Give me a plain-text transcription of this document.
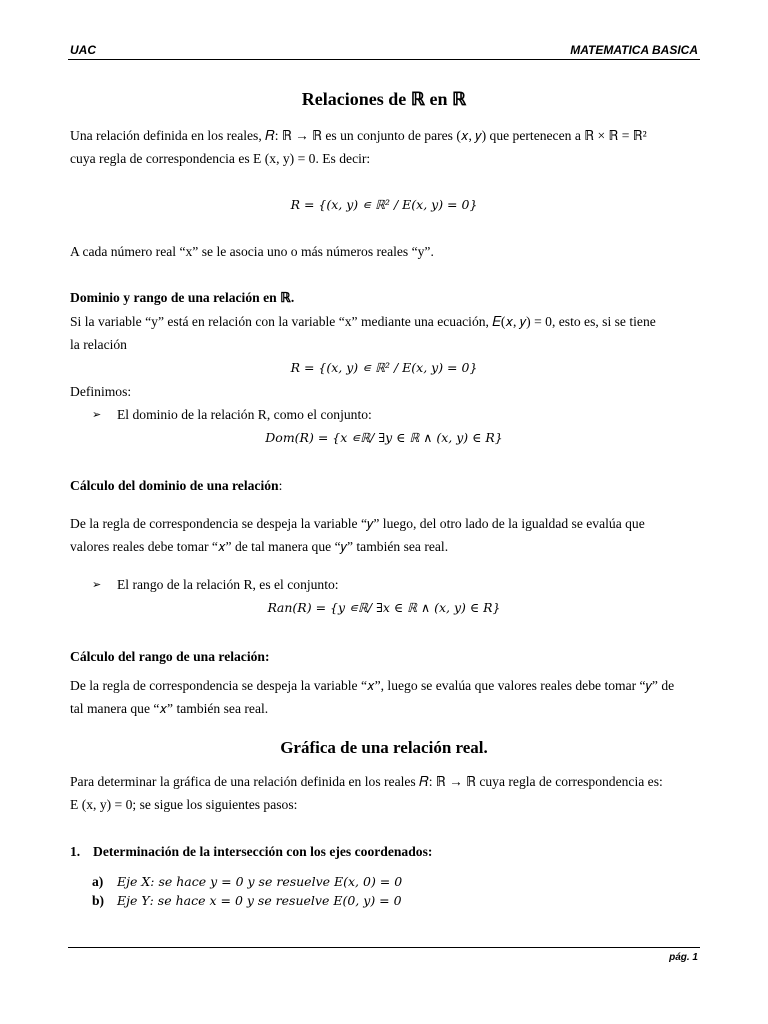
UAC	MATEMATICA BASICA
Relaciones de ℝ en ℝ
Una relación definida en los reales, 𝑅: ℝ → ℝ es un conjunto de pares (𝑥, 𝑦) que pertenecen a ℝ × ℝ = ℝ²
cuya regla de correspondencia es E (x, y) = 0. Es decir:
𝑅 = {(𝑥, 𝑦) ∊ ℝ² / 𝐸(𝑥, 𝑦) = 0}
A cada número real “x” se le asocia uno o más números reales “y”.
Dominio y rango de una relación en ℝ.
Si la variable “y” está en relación con la variable “x” mediante una ecuación, 𝐸(𝑥, 𝑦) = 0, esto es, si se tiene
la relación
𝑅 = {(𝑥, 𝑦) ∊ ℝ² / 𝐸(𝑥, 𝑦) = 0}
Definimos:
➢ El dominio de la relación R, como el conjunto:
𝐷𝑜𝑚(𝑅) = {𝑥 ∊ℝ/ ∃𝑦 ∈ ℝ ∧ (𝑥, 𝑦) ∈ 𝑅}
Cálculo del dominio de una relación:
De la regla de correspondencia se despeja la variable “𝑦” luego, del otro lado de la igualdad se evalúa que
valores reales debe tomar “𝑥” de tal manera que “𝑦” también sea real.
➢ El rango de la relación R, es el conjunto:
𝑅𝑎𝑛(𝑅) = {𝑦 ∊ℝ/ ∃𝑥 ∈ ℝ ∧ (𝑥, 𝑦) ∈ 𝑅}
Cálculo del rango de una relación:
De la regla de correspondencia se despeja la variable “𝑥”, luego se evalúa que valores reales debe tomar “𝑦” de
tal manera que “𝑥” también sea real.
Gráfica de una relación real.
Para determinar la gráfica de una relación definida en los reales 𝑅: ℝ → ℝ cuya regla de correspondencia es:
E (x, y) = 0; se sigue los siguientes pasos:
1. Determinación de la intersección con los ejes coordenados:
a) 𝐸𝑗𝑒 𝑋: 𝑠𝑒 ℎ𝑎𝑐𝑒 𝑦 = 0 𝑦 𝑠𝑒 𝑟𝑒𝑠𝑢𝑒𝑙𝑣𝑒 𝐸(𝑥, 0) = 0
b) 𝐸𝑗𝑒 𝑌: 𝑠𝑒 ℎ𝑎𝑐𝑒 𝑥 = 0 𝑦 𝑠𝑒 𝑟𝑒𝑠𝑢𝑒𝑙𝑣𝑒 𝐸(0, 𝑦) = 0
pág. 1
